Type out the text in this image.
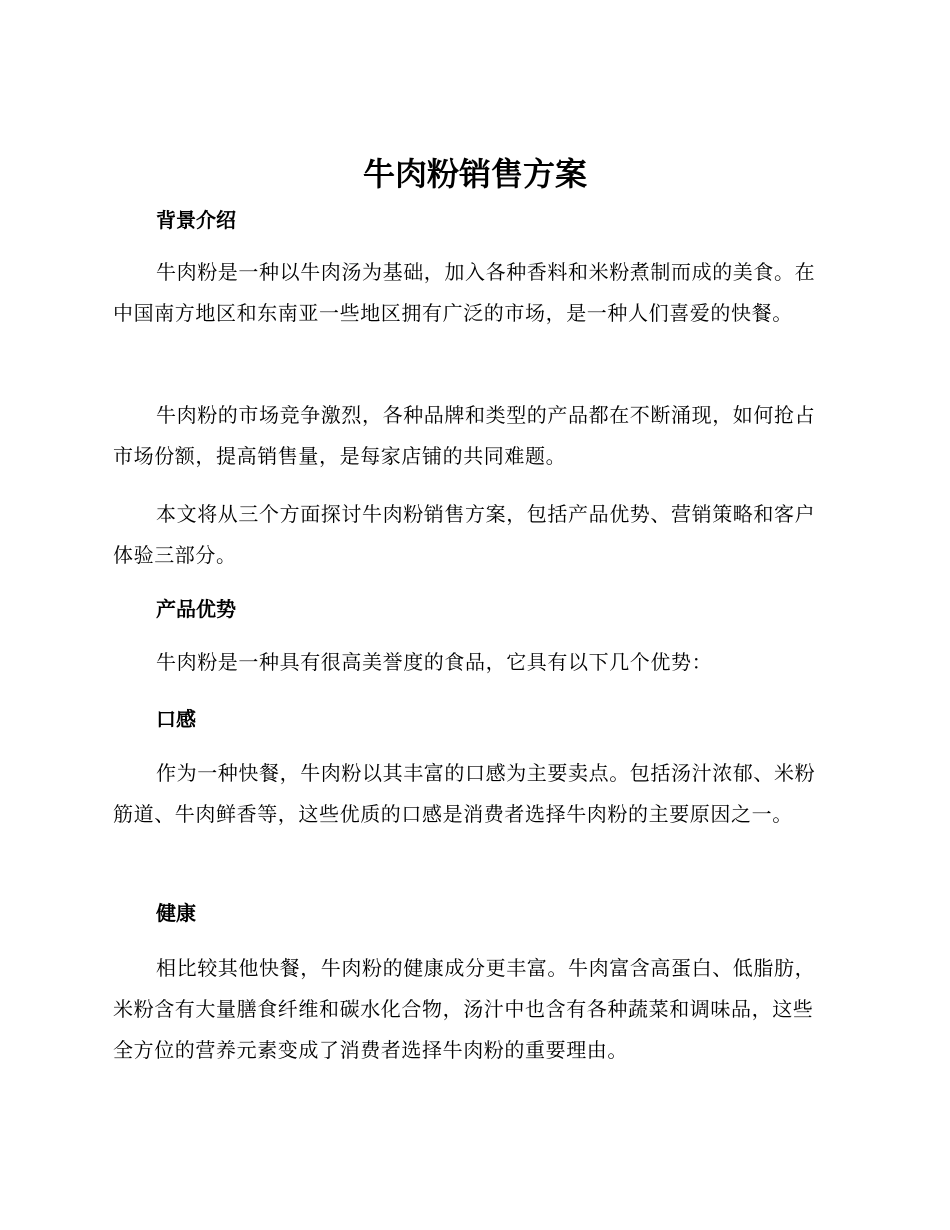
牛肉粉销售方案
背景介绍

牛肉粉是一种以牛肉汤为基础，加入各种香料和米粉煮制而成的美食。在中国南方地区和东南亚一些地区拥有广泛的市场，是一种人们喜爱的快餐。

牛肉粉的市场竞争激烈，各种品牌和类型的产品都在不断涌现，如何抢占市场份额，提高销售量，是每家店铺的共同难题。

本文将从三个方面探讨牛肉粉销售方案，包括产品优势、营销策略和客户体验三部分。

产品优势

牛肉粉是一种具有很高美誉度的食品，它具有以下几个优势：

口感

作为一种快餐，牛肉粉以其丰富的口感为主要卖点。包括汤汁浓郁、米粉筋道、牛肉鲜香等，这些优质的口感是消费者选择牛肉粉的主要原因之一。

健康

相比较其他快餐，牛肉粉的健康成分更丰富。牛肉富含高蛋白、低脂肪，米粉含有大量膳食纤维和碳水化合物，汤汁中也含有各种蔬菜和调味品，这些全方位的营养元素变成了消费者选择牛肉粉的重要理由。
